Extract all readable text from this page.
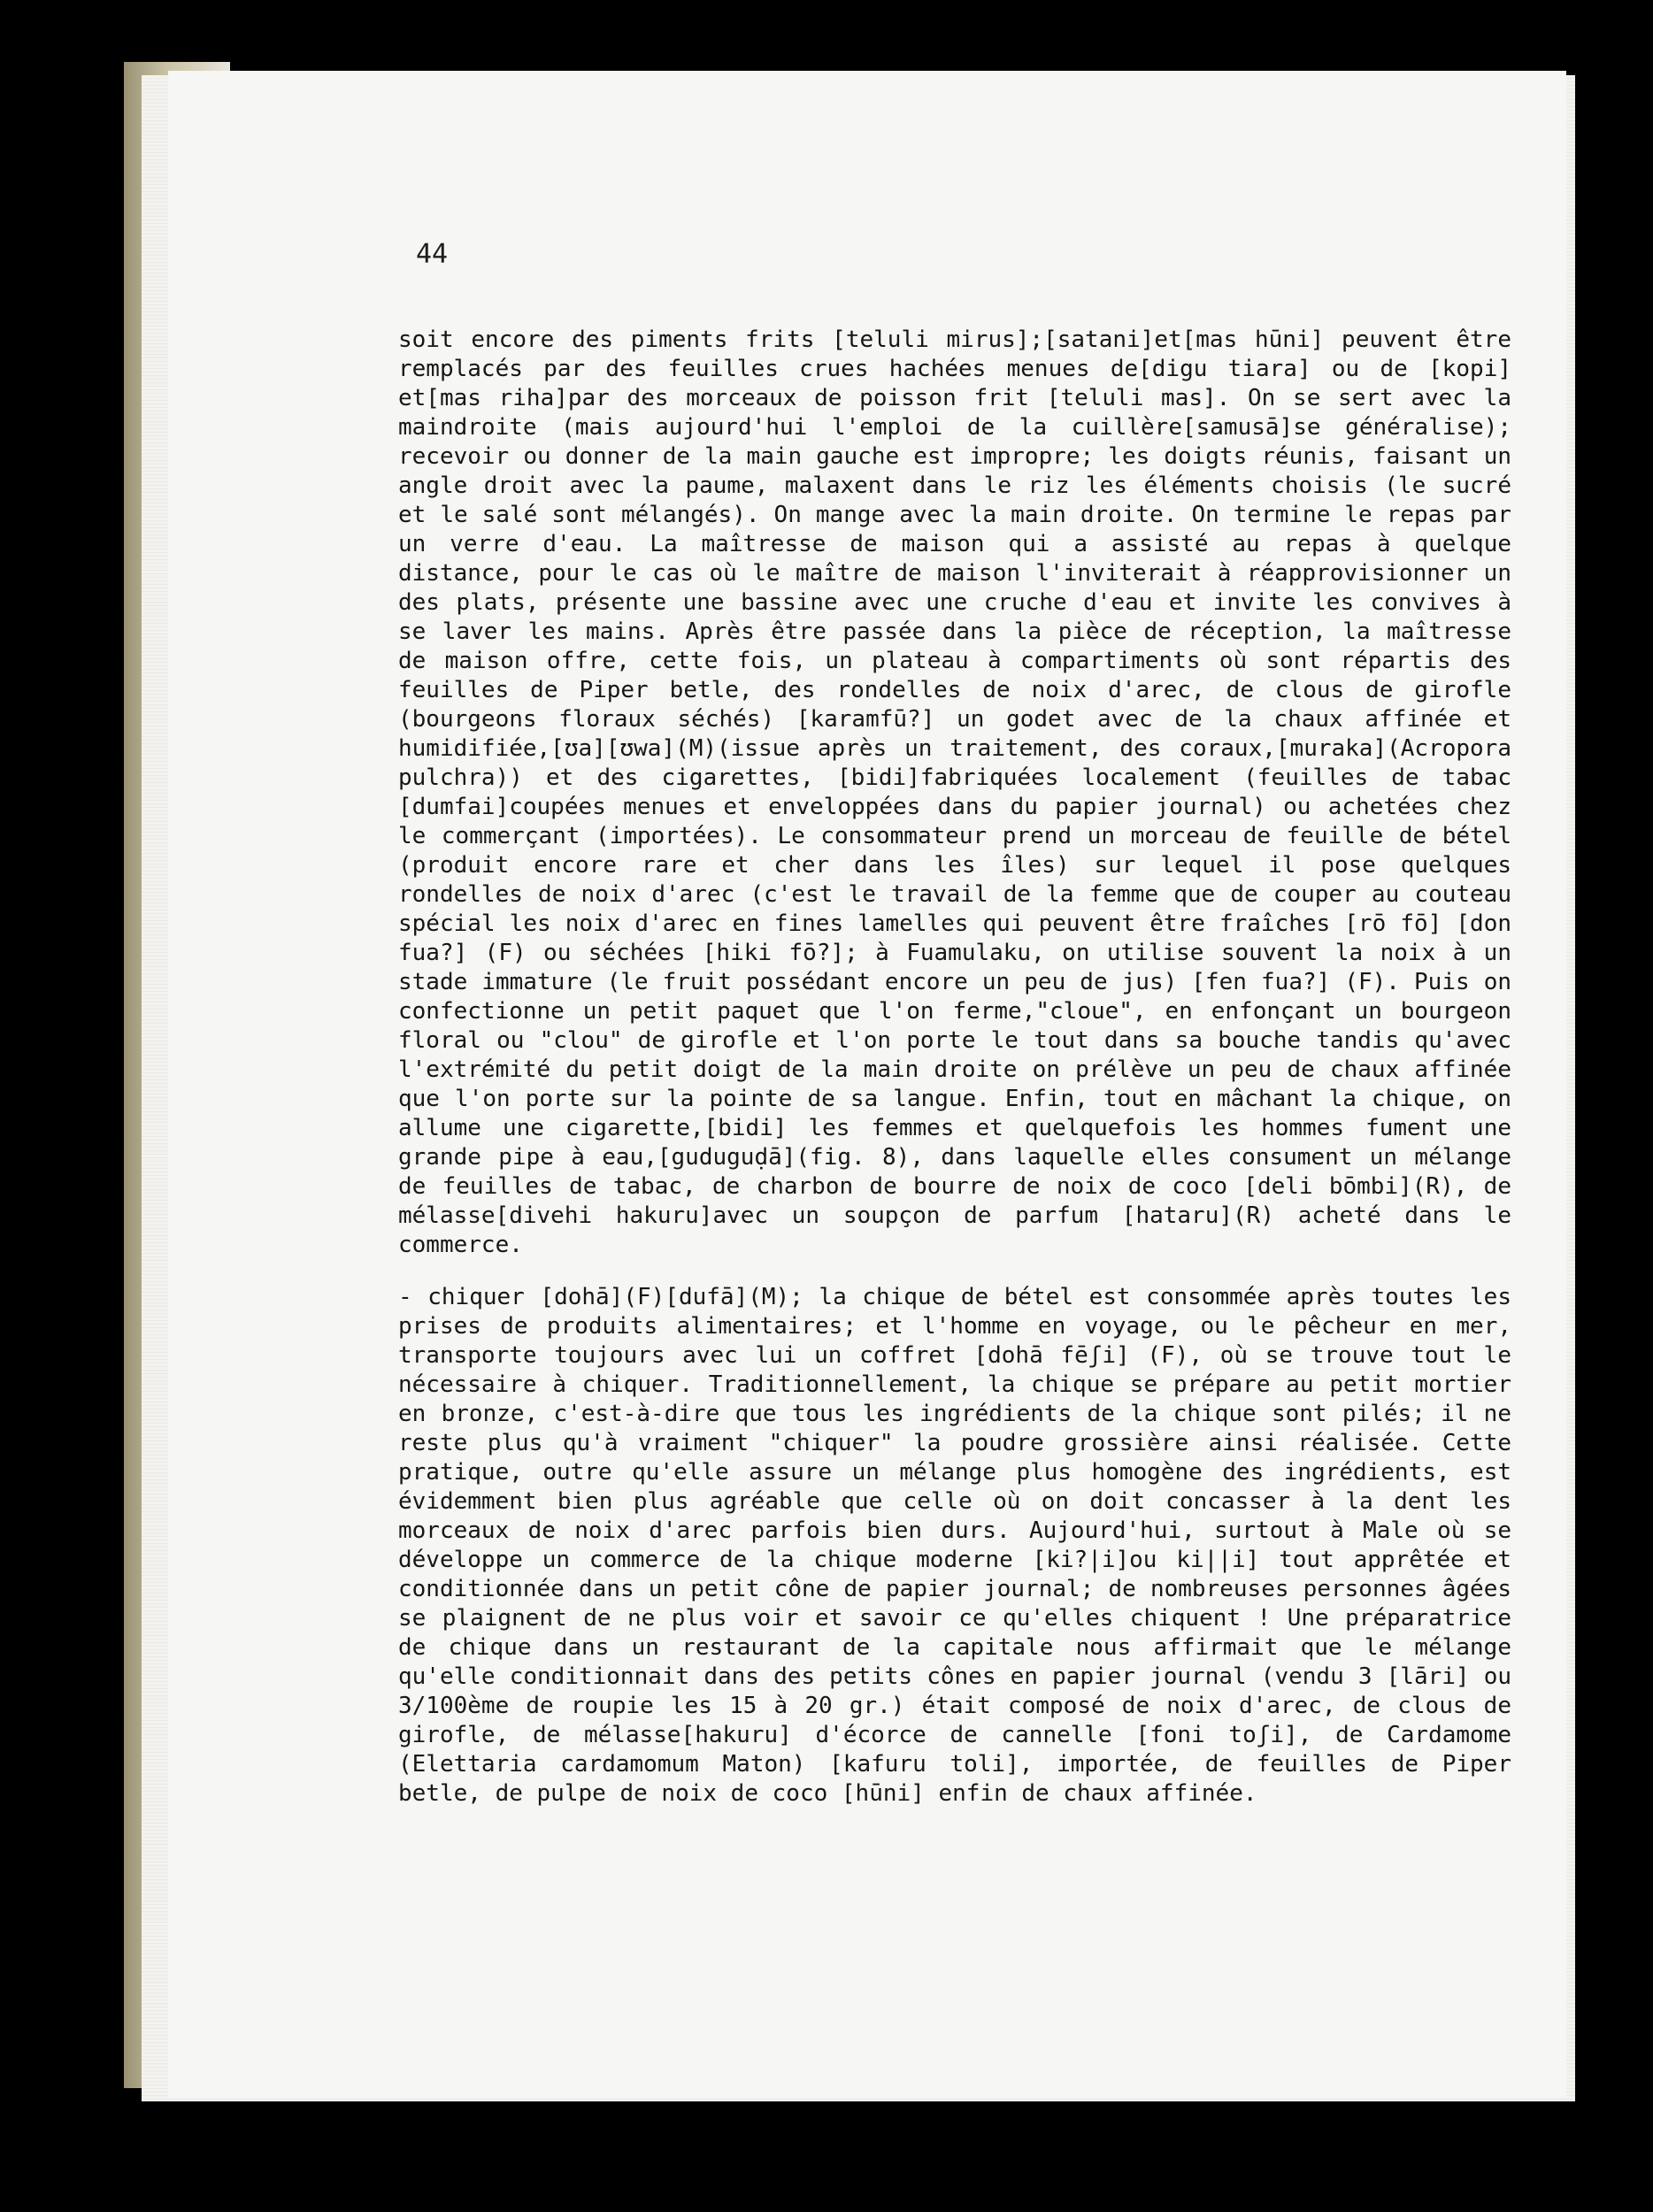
44

soit encore des piments frits [teluli mirus];[satani]et[mas hūni] peuvent être remplacés par des feuilles crues hachées menues de[digu tiara] ou de [kopi] et[mas riha]par des morceaux de poisson frit [teluli mas]. On se sert avec la maindroite (mais aujourd'hui l'emploi de la cuillère[samusā]se généralise); recevoir ou donner de la main gauche est impropre; les doigts réunis, faisant un angle droit avec la paume, malaxent dans le riz les éléments choisis (le sucré et le salé sont mélangés). On mange avec la main droite. On termine le repas par un verre d'eau. La maîtresse de maison qui a assisté au repas à quelque distance, pour le cas où le maître de maison l'inviterait à réapprovisionner un des plats, présente une bassine avec une cruche d'eau et invite les convives à se laver les mains. Après être passée dans la pièce de réception, la maîtresse de maison offre, cette fois, un plateau à compartiments où sont répartis des feuilles de Piper betle, des rondelles de noix d'arec, de clous de girofle (bourgeons floraux séchés) [karamfū?] un godet avec de la chaux affinée et humidifiée,[ʊa][ʊwa](M)(issue après un traitement, des coraux,[muraka](Acropora pulchra)) et des cigarettes, [bidi]fabriquées localement (feuilles de tabac [dumfai]coupées menues et enveloppées dans du papier journal) ou achetées chez le commerçant (importées). Le consommateur prend un morceau de feuille de bétel (produit encore rare et cher dans les îles) sur lequel il pose quelques rondelles de noix d'arec (c'est le travail de la femme que de couper au couteau spécial les noix d'arec en fines lamelles qui peuvent être fraîches [rō fō] [don fua?] (F) ou séchées [hiki fō?]; à Fuamulaku, on utilise souvent la noix à un stade immature (le fruit possédant encore un peu de jus) [fen fua?] (F). Puis on confectionne un petit paquet que l'on ferme,"cloue", en enfonçant un bourgeon floral ou "clou" de girofle et l'on porte le tout dans sa bouche tandis qu'avec l'extrémité du petit doigt de la main droite on prélève un peu de chaux affinée que l'on porte sur la pointe de sa langue. Enfin, tout en mâchant la chique, on allume une cigarette,[bidi] les femmes et quelquefois les hommes fument une grande pipe à eau,[guduguḍā](fig. 8), dans laquelle elles consument un mélange de feuilles de tabac, de charbon de bourre de noix de coco [deli bōmbi](R), de mélasse[divehi hakuru]avec un soupçon de parfum [hataru](R) acheté dans le commerce.

- chiquer [dohā](F)[dufā](M); la chique de bétel est consommée après toutes les prises de produits alimentaires; et l'homme en voyage, ou le pêcheur en mer, transporte toujours avec lui un coffret [dohā fēʃi] (F), où se trouve tout le nécessaire à chiquer. Traditionnellement, la chique se prépare au petit mortier en bronze, c'est-à-dire que tous les ingrédients de la chique sont pilés; il ne reste plus qu'à vraiment "chiquer" la poudre grossière ainsi réalisée. Cette pratique, outre qu'elle assure un mélange plus homogène des ingrédients, est évidemment bien plus agréable que celle où on doit concasser à la dent les morceaux de noix d'arec parfois bien durs. Aujourd'hui, surtout à Male où se développe un commerce de la chique moderne [ki?|i]ou ki||i] tout apprêtée et conditionnée dans un petit cône de papier journal; de nombreuses personnes âgées se plaignent de ne plus voir et savoir ce qu'elles chiquent ! Une préparatrice de chique dans un restaurant de la capitale nous affirmait que le mélange qu'elle conditionnait dans des petits cônes en papier journal (vendu 3 [lāri] ou 3/100ème de roupie les 15 à 20 gr.) était composé de noix d'arec, de clous de girofle, de mélasse[hakuru] d'écorce de cannelle [foni toʃi], de Cardamome (Elettaria cardamomum Maton) [kafuru toli], importée, de feuilles de Piper betle, de pulpe de noix de coco [hūni] enfin de chaux affinée.
